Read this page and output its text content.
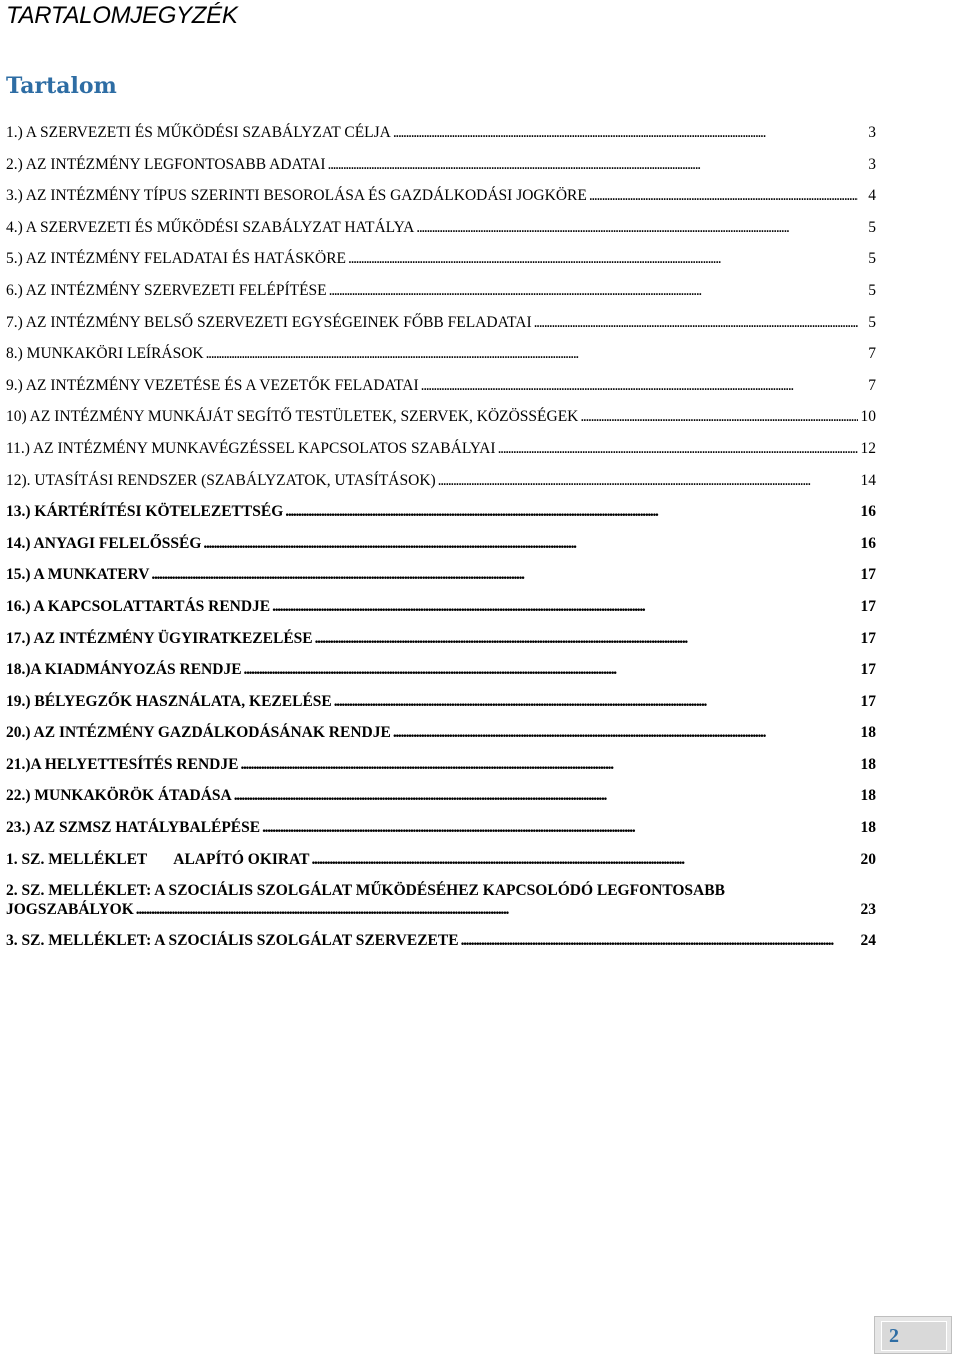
TARTALOMJEGYZÉK
Tartalom
1.) A SZERVEZETI ÉS MŰKÖDÉSI SZABÁLYZAT CÉLJA . . .	3
2.) AZ INTÉZMÉNY LEGFONTOSABB ADATAI . . .	3
3.) AZ INTÉZMÉNY TÍPUS SZERINTI BESOROLÁSA ÉS GAZDÁLKODÁSI JOGKÖRE . . .	4
4.) A SZERVEZETI ÉS MŰKÖDÉSI SZABÁLYZAT HATÁLYA . . .	5
5.) AZ INTÉZMÉNY FELADATAI ÉS HATÁSKÖRE . . .	5
6.) AZ INTÉZMÉNY SZERVEZETI FELÉPÍTÉSE . . .	5
7.) AZ INTÉZMÉNY BELSŐ SZERVEZETI EGYSÉGEINEK FŐBB FELADATAI . . .	5
8.) MUNKAKÖRI LEÍRÁSOK . . .	7
9.) AZ INTÉZMÉNY VEZETÉSE ÉS A VEZETŐK FELADATAI . . .	7
10) AZ INTÉZMÉNY MUNKÁJÁT SEGÍTŐ TESTÜLETEK, SZERVEK, KÖZÖSSÉGEK . . .	10
11.) AZ INTÉZMÉNY MUNKAVÉGZÉSSEL KAPCSOLATOS SZABÁLYAI . . .	12
12). UTASÍTÁSI RENDSZER (SZABÁLYZATOK, UTASÍTÁSOK) . . .	14
13.) KÁRTÉRÍTÉSI KÖTELEZETTSÉG . . .	16
14.) ANYAGI FELELŐSSÉG . . .	16
15.) A MUNKATERV . . .	17
16.) A KAPCSOLATTARTÁS RENDJE . . .	17
17.) AZ INTÉZMÉNY ÜGYIRATKEZELÉSE . . .	17
18.)A KIADMÁNYOZÁS RENDJE . . .	17
19.) BÉLYEGZŐK HASZNÁLATA, KEZELÉSE . . .	17
20.) AZ INTÉZMÉNY GAZDÁLKODÁSÁNAK RENDJE . . .	18
21.)A HELYETTESÍTÉS RENDJE . . .	18
22.) MUNKAKÖRÖK ÁTADÁSA . . .	18
23.) AZ SZMSZ HATÁLYBALÉPÉSE . . .	18
1. SZ. MELLÉKLET ALAPÍTÓ OKIRAT . . .	20
2. SZ. MELLÉKLET: A SZOCIÁLIS SZOLGÁLAT MŰKÖDÉSÉHEZ KAPCSOLÓDÓ LEGFONTOSABB
JOGSZABÁLYOK . . .	23
3. SZ. MELLÉKLET: A SZOCIÁLIS SZOLGÁLAT SZERVEZETE . . .	24
2
